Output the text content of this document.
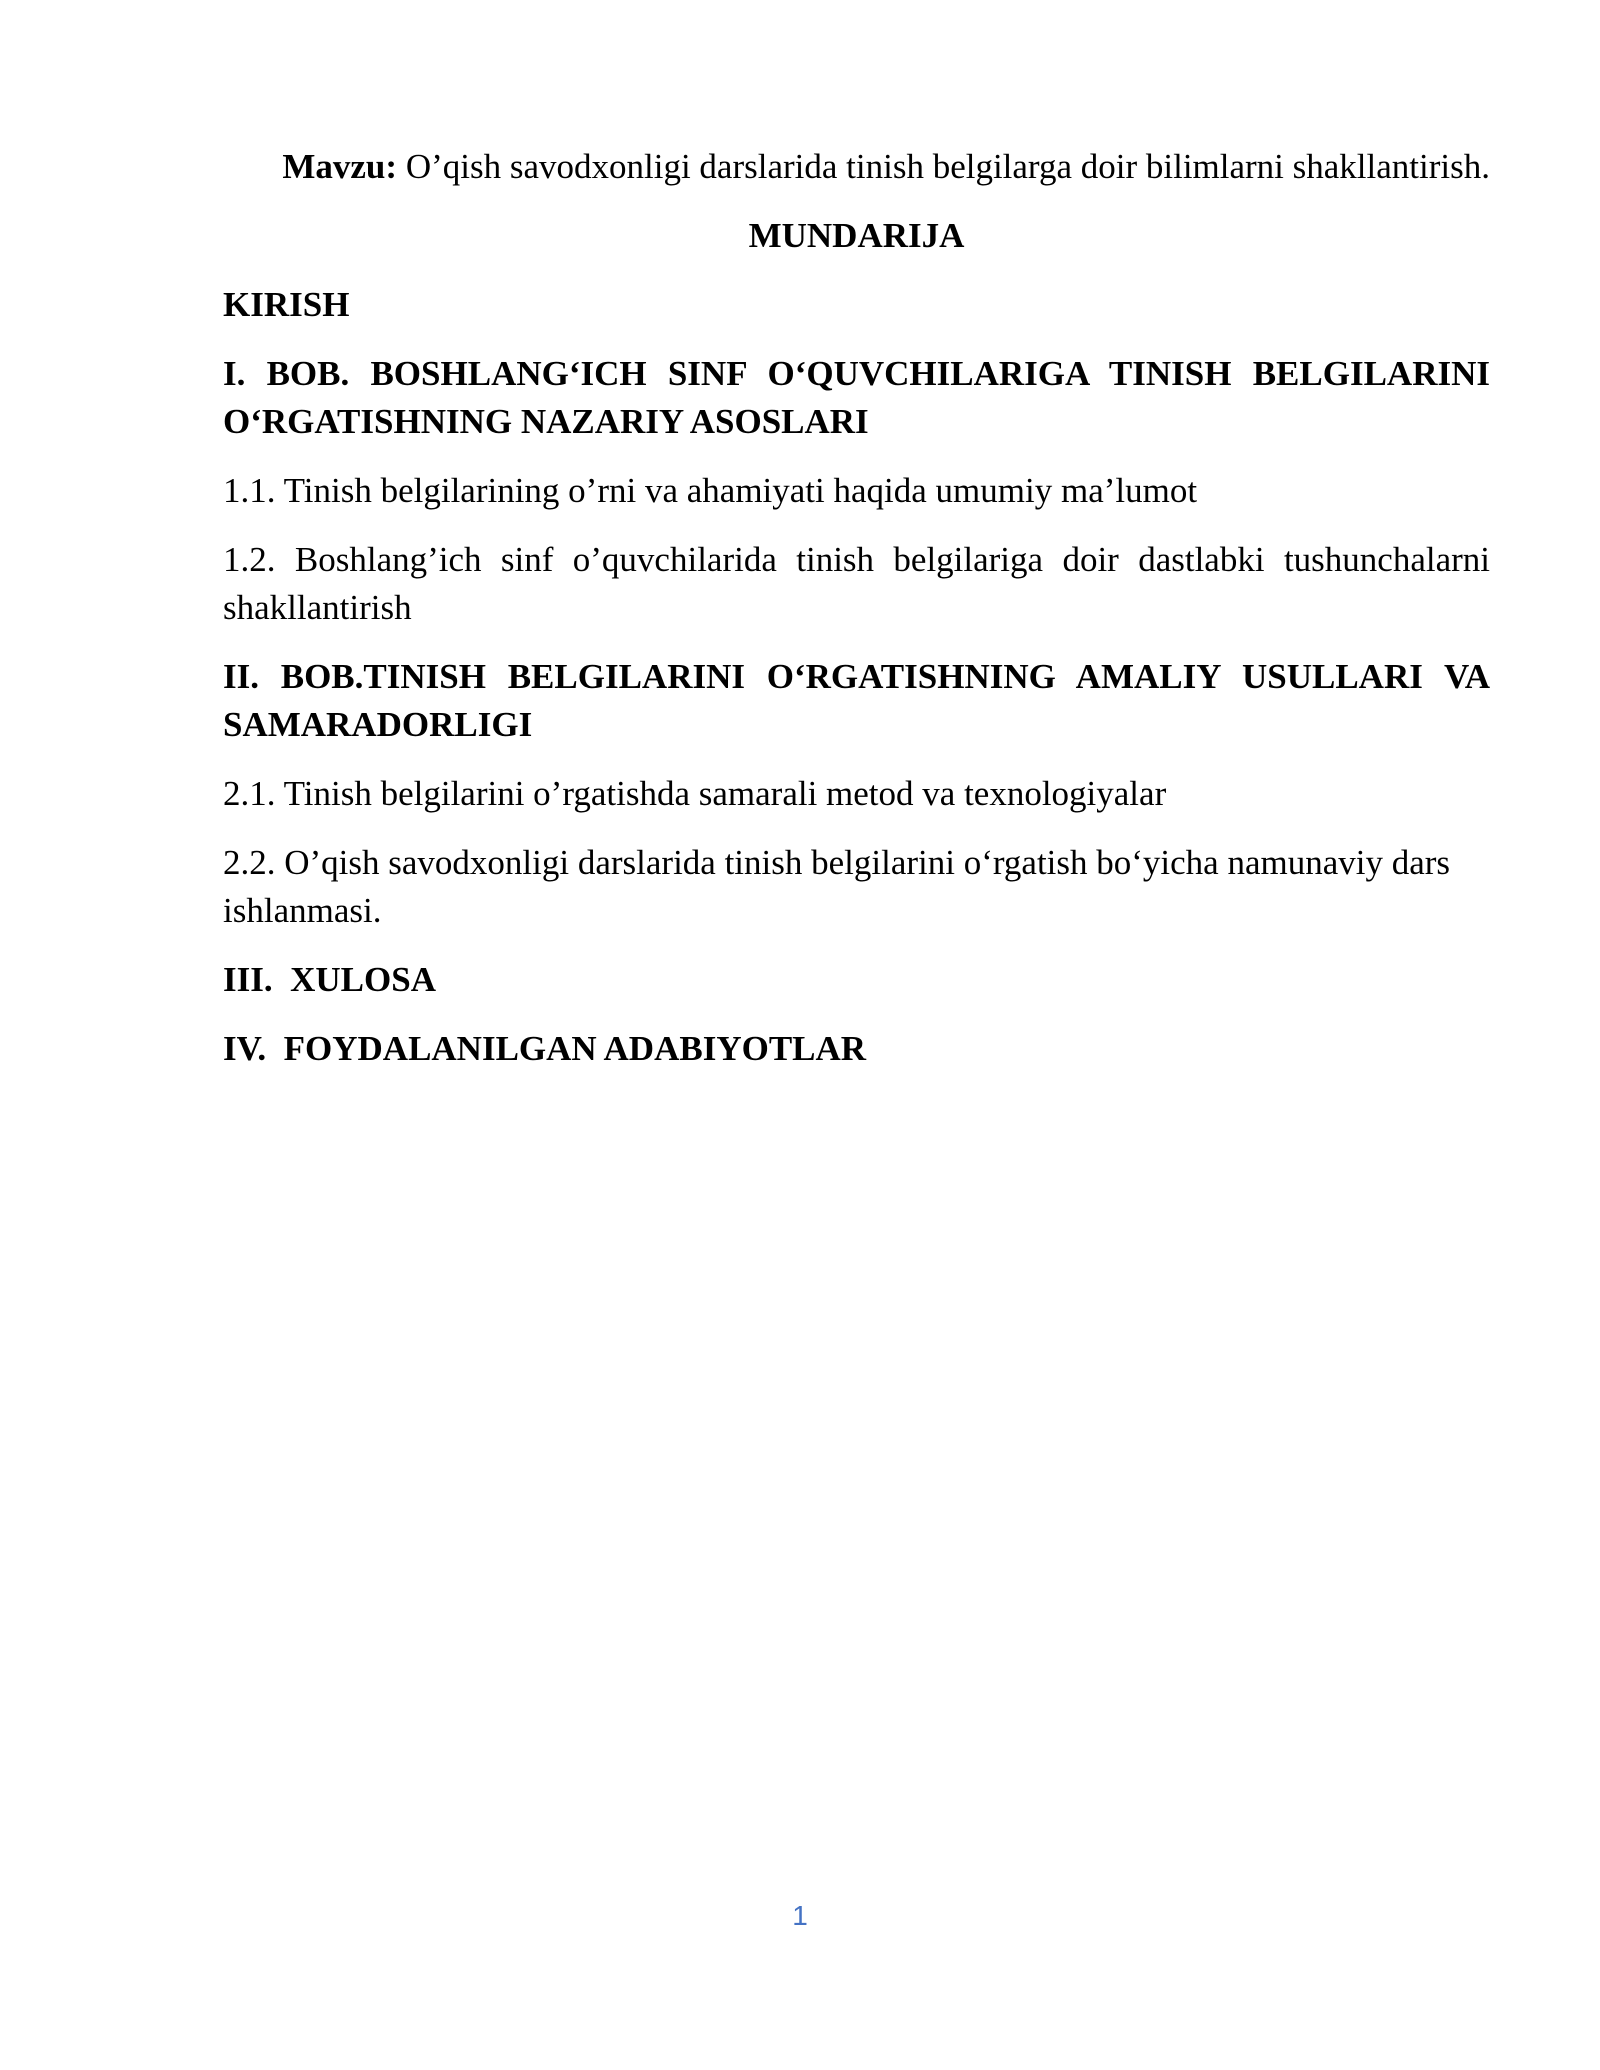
Mavzu: O’qish savodxonligi darslarida tinish belgilarga doir bilimlarni shakllantirish.

MUNDARIJA

KIRISH

I. BOB. BOSHLANG‘ICH SINF O‘QUVCHILARIGA TINISH BELGILARINI O‘RGATISHNING NAZARIY ASOSLARI

1.1. Tinish belgilarining o’rni va ahamiyati haqida umumiy ma’lumot

1.2. Boshlang’ich sinf o’quvchilarida tinish belgilariga doir dastlabki tushunchalarni shakllantirish

II. BOB.TINISH BELGILARINI O‘RGATISHNING AMALIY USULLARI VA SAMARADORLIGI

2.1. Tinish belgilarini o’rgatishda samarali metod va texnologiyalar

2.2. O’qish savodxonligi darslarida tinish belgilarini o‘rgatish bo‘yicha namunaviy dars ishlanmasi.

III.  XULOSA

IV.  FOYDALANILGAN ADABIYOTLAR

1
